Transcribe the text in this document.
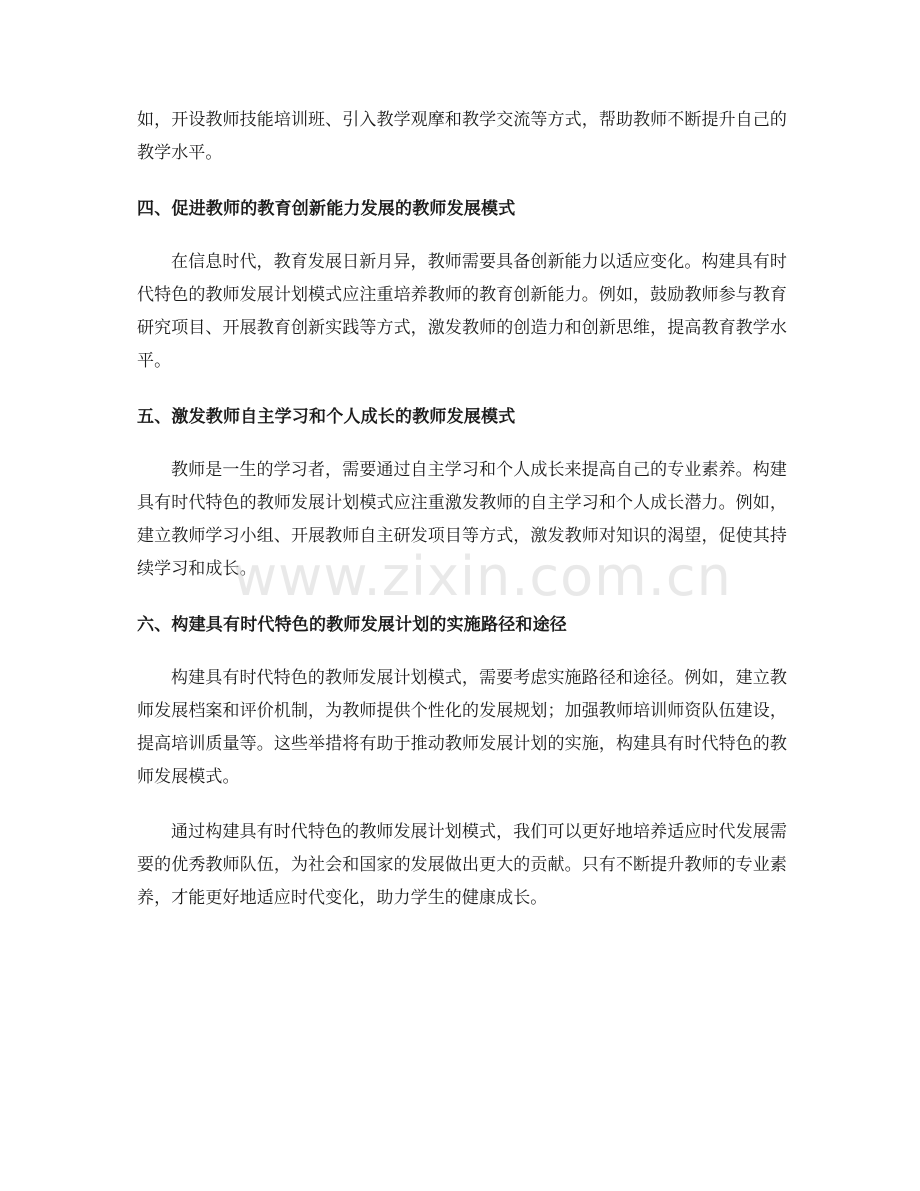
如，开设教师技能培训班、引入教学观摩和教学交流等方式，帮助教师不断提升自己的教学水平。

四、促进教师的教育创新能力发展的教师发展模式

在信息时代，教育发展日新月异，教师需要具备创新能力以适应变化。构建具有时代特色的教师发展计划模式应注重培养教师的教育创新能力。例如，鼓励教师参与教育研究项目、开展教育创新实践等方式，激发教师的创造力和创新思维，提高教育教学水平。

五、激发教师自主学习和个人成长的教师发展模式

教师是一生的学习者，需要通过自主学习和个人成长来提高自己的专业素养。构建具有时代特色的教师发展计划模式应注重激发教师的自主学习和个人成长潜力。例如，建立教师学习小组、开展教师自主研发项目等方式，激发教师对知识的渴望，促使其持续学习和成长。

六、构建具有时代特色的教师发展计划的实施路径和途径

构建具有时代特色的教师发展计划模式，需要考虑实施路径和途径。例如，建立教师发展档案和评价机制，为教师提供个性化的发展规划；加强教师培训师资队伍建设，提高培训质量等。这些举措将有助于推动教师发展计划的实施，构建具有时代特色的教师发展模式。

通过构建具有时代特色的教师发展计划模式，我们可以更好地培养适应时代发展需要的优秀教师队伍，为社会和国家的发展做出更大的贡献。只有不断提升教师的专业素养，才能更好地适应时代变化，助力学生的健康成长。

www.zixin.com.cn
